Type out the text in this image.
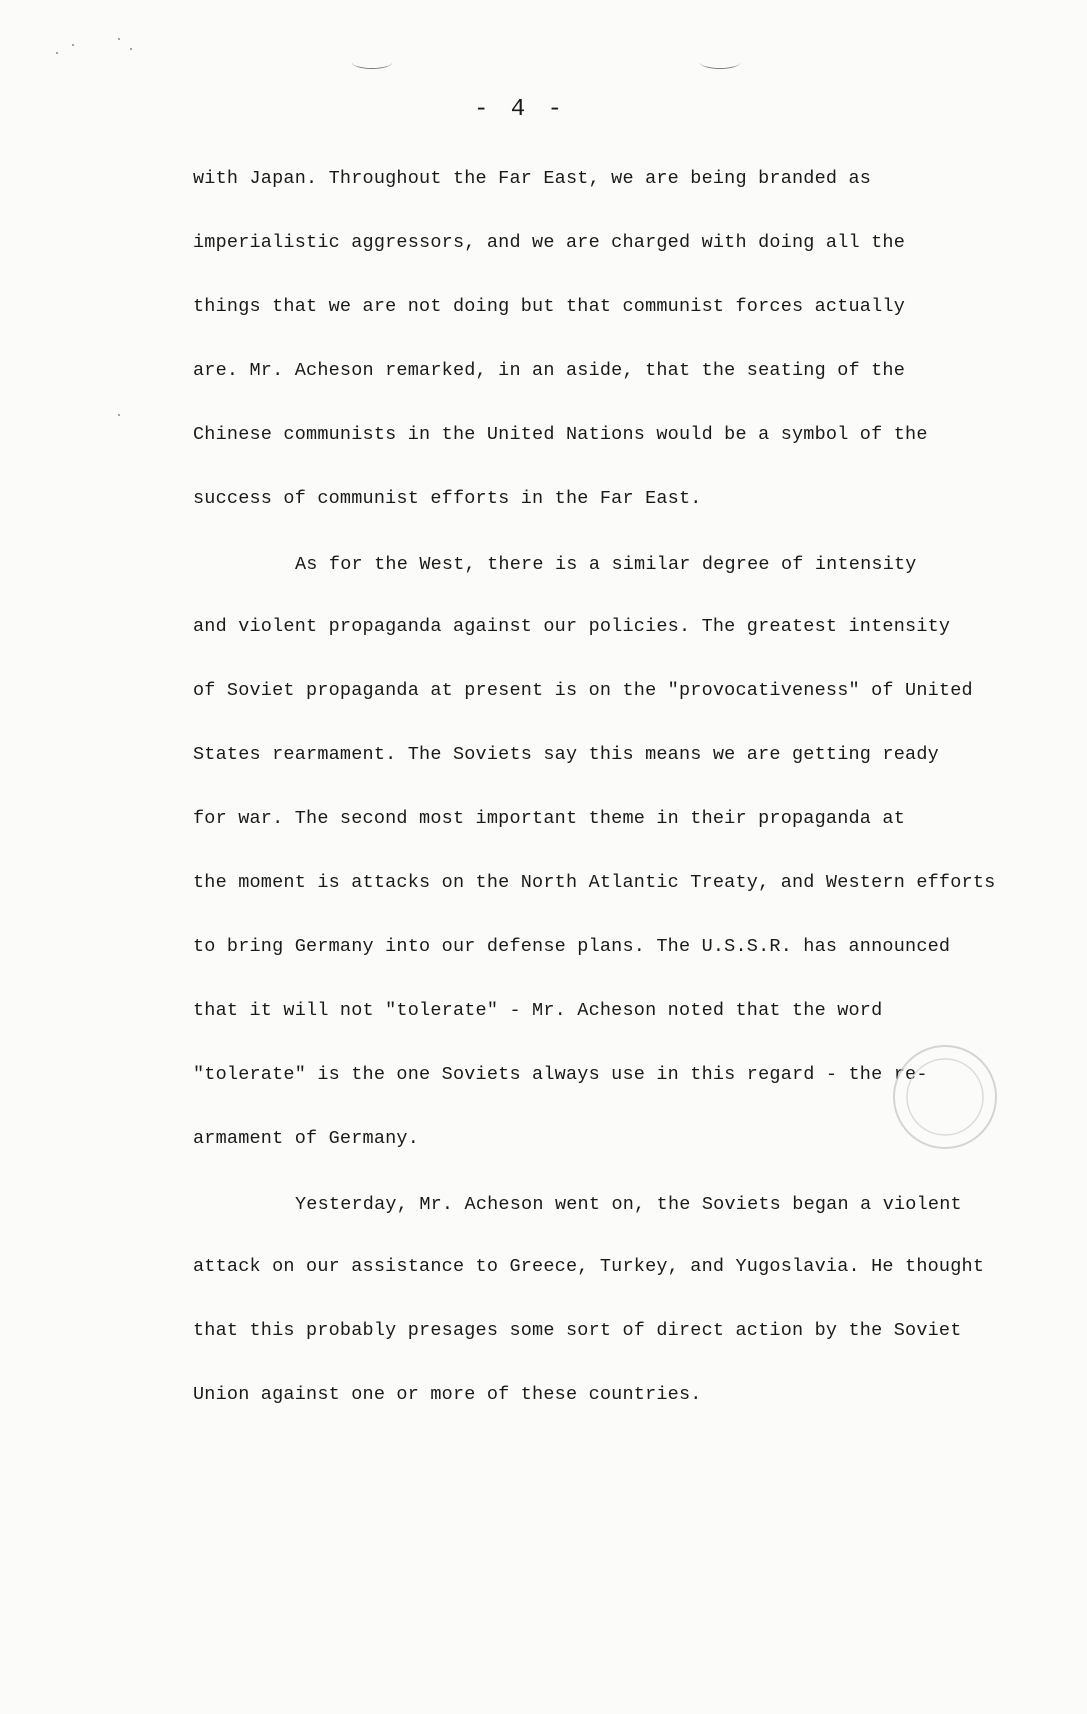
- 4 -
with Japan. Throughout the Far East, we are being branded as
imperialistic aggressors, and we are charged with doing all the
things that we are not doing but that communist forces actually
are. Mr. Acheson remarked, in an aside, that the seating of the
Chinese communists in the United Nations would be a symbol of the
success of communist efforts in the Far East.
As for the West, there is a similar degree of intensity
and violent propaganda against our policies. The greatest intensity
of Soviet propaganda at present is on the "provocativeness" of United
States rearmament. The Soviets say this means we are getting ready
for war. The second most important theme in their propaganda at
the moment is attacks on the North Atlantic Treaty, and Western efforts
to bring Germany into our defense plans. The U.S.S.R. has announced
that it will not "tolerate" - Mr. Acheson noted that the word
"tolerate" is the one Soviets always use in this regard - the re-
armament of Germany.
Yesterday, Mr. Acheson went on, the Soviets began a violent
attack on our assistance to Greece, Turkey, and Yugoslavia. He thought
that this probably presages some sort of direct action by the Soviet
Union against one or more of these countries.
